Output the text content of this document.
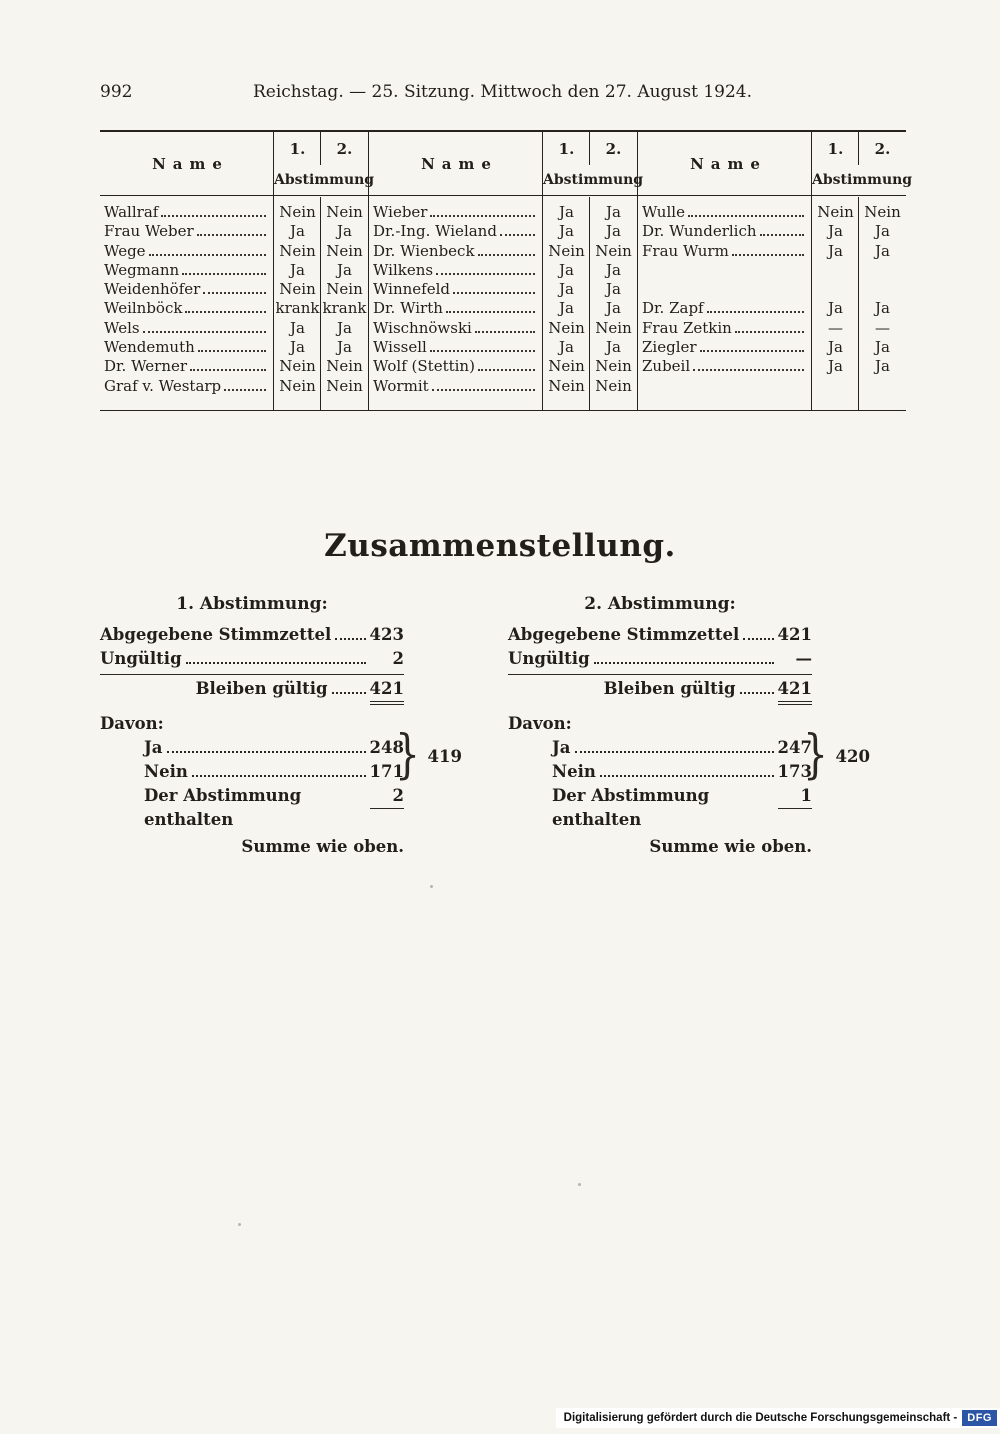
992	Reichstag. — 25. Sitzung. Mittwoch den 27. August 1924.
Name
1. 2.
Abstimmung
Wallraf	Nein Nein
Frau Weber	Ja	Ja
Wege	Nein Nein
Wegmann	Ja	Ja
Weidenhöfer	Nein Nein
Weilnböck	krank krank
Wels	Ja	Ja
Wendemuth	Ja	Ja
Dr. Werner	Nein Nein
Graf v. Westarp	Nein Nein
Name
1. 2.
Abstimmung
Wieber	Ja	Ja
Dr.-Ing. Wieland	Ja	Ja
Dr. Wienbeck	Nein Nein
Wilkens	Ja	Ja
Winnefeld	Ja	Ja
Dr. Wirth	Ja	Ja
Wischnöwski	Nein Nein
Wissell	Ja	Ja
Wolf (Stettin)	Nein Nein
Wormit	Nein Nein
Name
1. 2.
Abstimmung
Wulle	Nein Nein
Dr. Wunderlich	Ja	Ja
Frau Wurm	Ja	Ja
Dr. Zapf	Ja	Ja
Frau Zetkin	—	—
Ziegler	Ja	Ja
Zubeil	Ja	Ja
Zusammenstellung.
1. Abstimmung:
Abgegebene Stimmzettel 423
Ungültig	2
Bleiben gültig	421
Davon:
Ja	248
Nein	171
} 419
Der Abstimmung enthalten
2
Summe wie oben.
2. Abstimmung:
Abgegebene Stimmzettel 421
Ungültig	—
Bleiben gültig	421
Davon:
Ja	247
Nein	173
} 420
Der Abstimmung enthalten
1
Summe wie oben.
Digitalisierung gefördert durch die Deutsche Forschungsgemeinschaft - DFG
